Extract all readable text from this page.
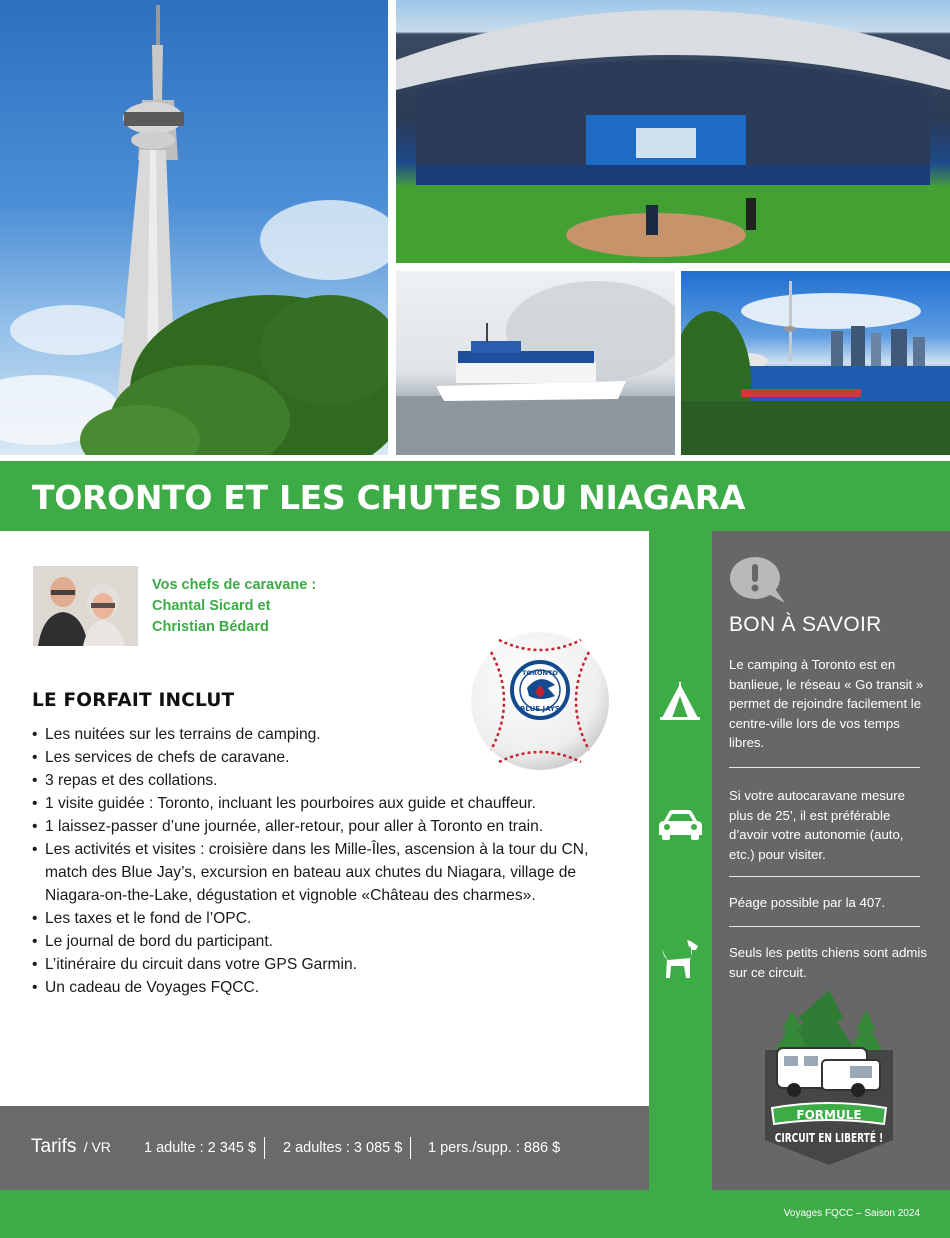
TORONTO ET LES CHUTES DU NIAGARA
Voyages FQCC – Saison 2024
Vos chefs de caravane :
Chantal Sicard et
Christian Bédard
TORONTO
BLUE JAYS
LE FORFAIT INCLUT
• Les nuitées sur les terrains de camping.
• Les services de chefs de caravane.
• 3 repas et des collations.
• 1 visite guidée : Toronto, incluant les pourboires aux guide et chauffeur.
• 1 laissez-passer d’une journée, aller-retour, pour aller à Toronto en train.
• Les activités et visites : croisière dans les Mille-Îles, ascension à la tour du CN, match des Blue Jay’s, excursion en bateau aux chutes du Niagara, village de Niagara-on-the-Lake, dégustation et vignoble «Château des charmes».
• Les taxes et le fond de l’OPC.
• Le journal de bord du participant.
• L’itinéraire du circuit dans votre GPS Garmin.
• Un cadeau de Voyages FQCC.
Tarifs / VR 1 adulte : 2 345 $ 2 adultes : 3 085 $ 1 pers./supp. : 886 $
BON À SAVOIR
Le camping à Toronto est en banlieue, le réseau « Go transit » permet de rejoindre facilement le centre-ville lors de vos temps libres.
Si votre autocaravane mesure plus de 25’, il est préférable d’avoir votre autonomie (auto, etc.) pour visiter.
Péage possible par la 407.
Seuls les petits chiens sont admis sur ce circuit.
FORMULE
CIRCUIT EN LIBERTÉ !
